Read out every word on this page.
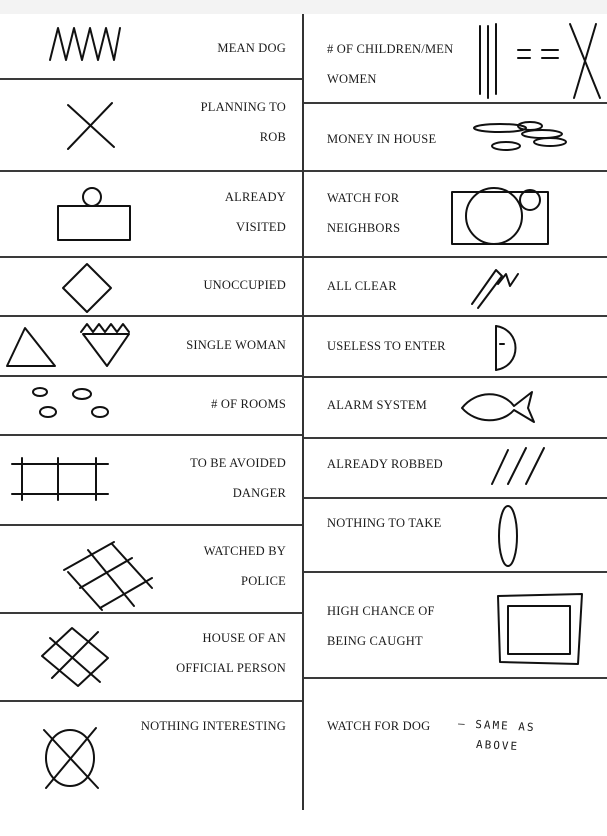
MEAN DOG
PLANNING TO
ROB
ALREADY
VISITED
UNOCCUPIED
SINGLE WOMAN
# OF ROOMS
TO BE AVOIDED
DANGER
WATCHED BY
POLICE
HOUSE OF AN
OFFICIAL PERSON
NOTHING INTERESTING
# OF CHILDREN/MEN
WOMEN
MONEY IN HOUSE
WATCH FOR
NEIGHBORS
ALL CLEAR
USELESS TO ENTER
ALARM SYSTEM
ALREADY ROBBED
NOTHING TO TAKE
HIGH CHANCE OF
BEING CAUGHT
WATCH FOR DOG – SAME AS
ABOVE
